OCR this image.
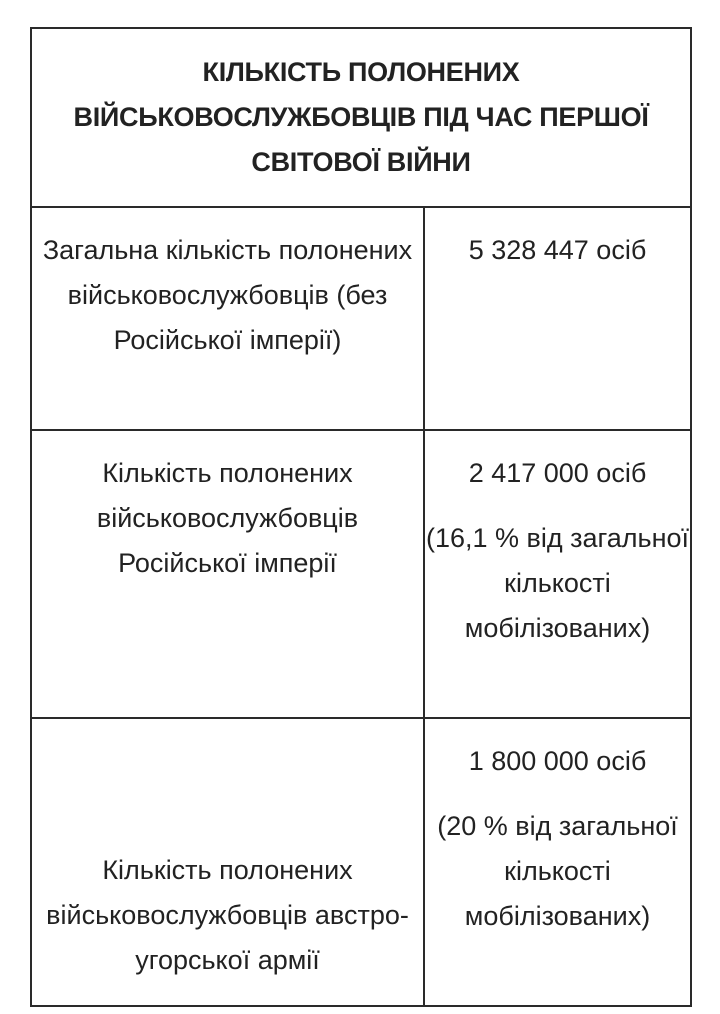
КІЛЬКІСТЬ ПОЛОНЕНИХ ВІЙСЬКОВОСЛУЖБОВЦІВ ПІД ЧАС ПЕРШОЇ СВІТОВОЇ ВІЙНИ	

Загальна кількість полонених військовослужбовців (без Російської імперії)	5 328 447 осіб

Кількість полонених військовослужбовців Російської імперії	2 417 000 осіб
(16,1 % від загальної кількості мобілізованих)

Кількість полонених військовослужбовців австро-угорської армії	1 800 000 осіб
(20 % від загальної кількості мобілізованих)
